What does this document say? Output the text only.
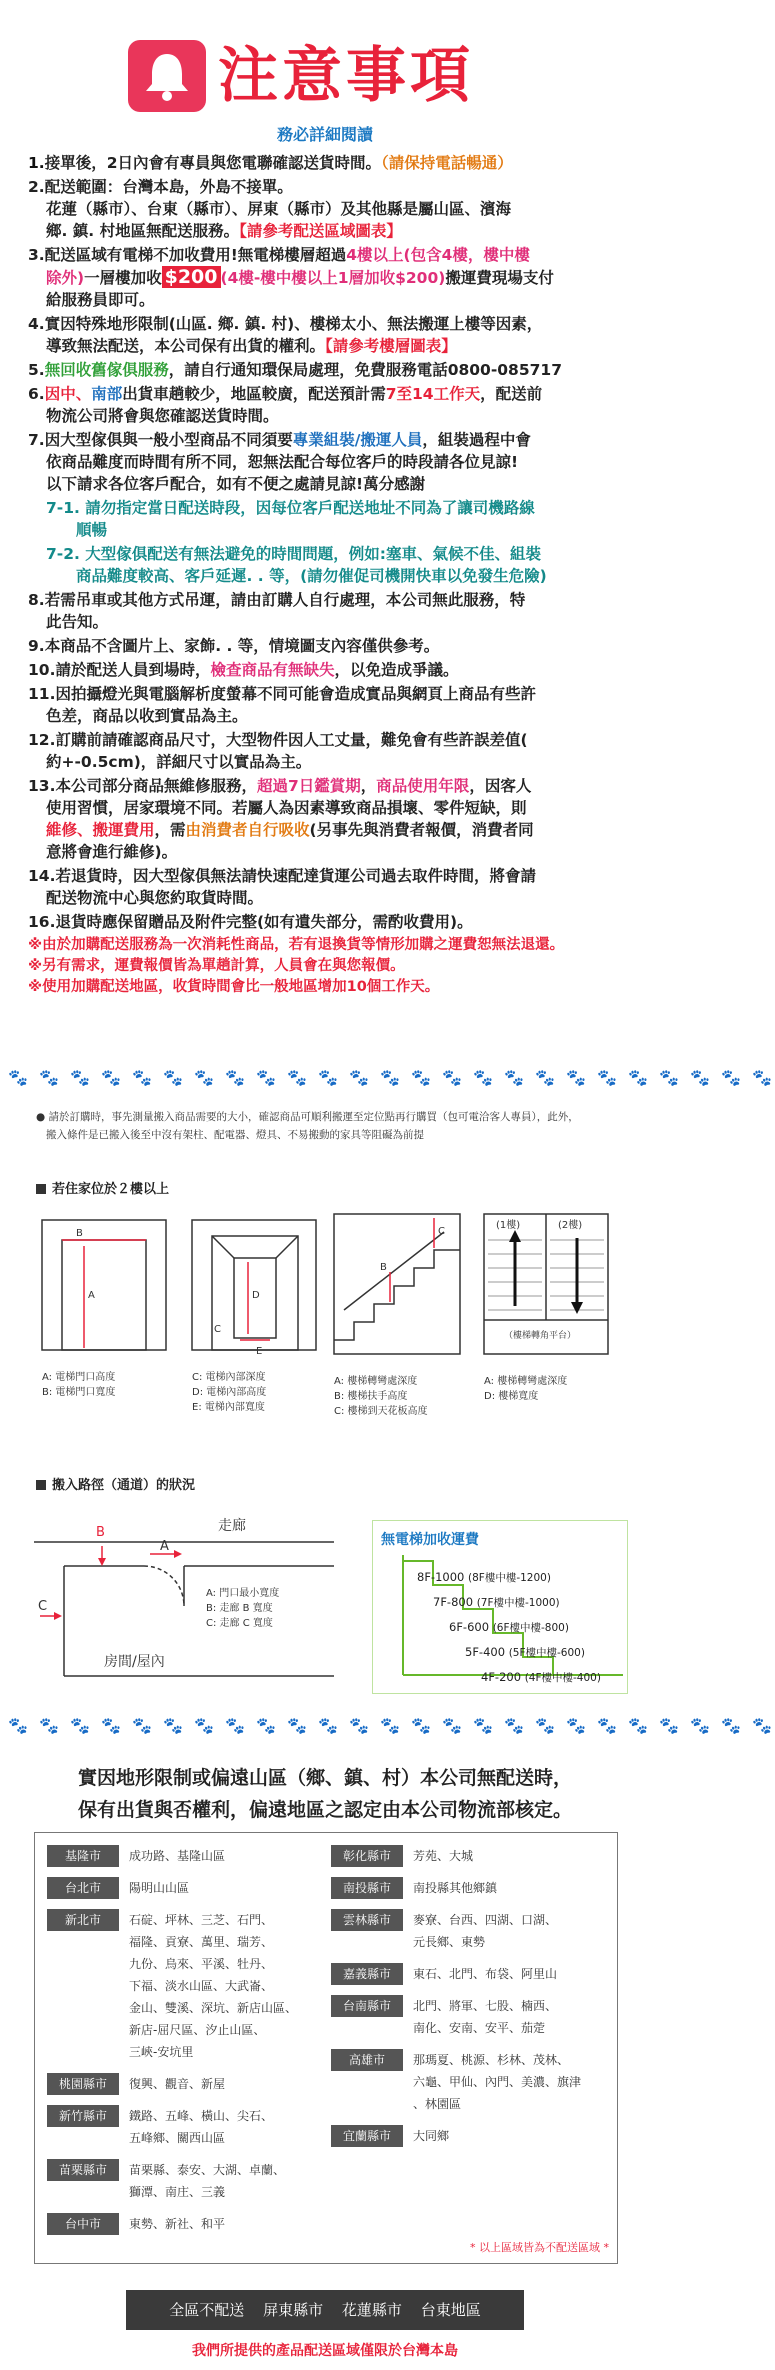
注意事項
務必詳細閱讀
1.接單後，2日內會有專員與您電聯確認送貨時間。（請保持電話暢通）
2.配送範圍：台灣本島，外島不接單。
花蓮（縣市）、台東（縣市）、屏東（縣市）及其他縣是屬山區、濱海
鄉. 鎮. 村地區無配送服務。【請參考配送區域圖表】
3.配送區域有電梯不加收費用!無電梯樓層超過4樓以上(包含4樓，樓中樓
除外)一層樓加收 $200 (4樓-樓中樓以上1層加收$200)搬運費現場支付
給服務員即可。
4.實因特殊地形限制(山區. 鄉. 鎮. 村)、樓梯太小、無法搬運上樓等因素，
導致無法配送，本公司保有出貨的權利。【請參考樓層圖表】
5.無回收舊傢俱服務，請自行通知環保局處理，免費服務電話0800-085717
6.因中、南部出貨車趟較少，地區較廣，配送預計需7至14工作天，配送前
物流公司將會與您確認送貨時間。
7.因大型傢俱與一般小型商品不同須要專業組裝/搬運人員，組裝過程中會
依商品難度而時間有所不同，恕無法配合每位客戶的時段請各位見諒!
以下請求各位客戶配合，如有不便之處請見諒!萬分感謝
7-1. 請勿指定當日配送時段，因每位客戶配送地址不同為了讓司機路線
順暢
7-2. 大型傢俱配送有無法避免的時間問題，例如:塞車、氣候不佳、組裝
商品難度較高、客戶延遲. . 等，(請勿催促司機開快車以免發生危險)
8.若需吊車或其他方式吊運，請由訂購人自行處理，本公司無此服務，特
此告知。
9.本商品不含圖片上、家飾. . 等，情境圖支內容僅供參考。
10.請於配送人員到場時，檢查商品有無缺失，以免造成爭議。
11.因拍攝燈光與電腦解析度螢幕不同可能會造成實品與網頁上商品有些許
色差，商品以收到實品為主。
12.訂購前請確認商品尺寸，大型物件因人工丈量，難免會有些許誤差值(
約+-0.5cm)，詳細尺寸以實品為主。
13.本公司部分商品無維修服務，超過7日鑑賞期，商品使用年限，因客人
使用習慣，居家環境不同。若屬人為因素導致商品損壞、零件短缺，則
維修、搬運費用，需由消費者自行吸收(另事先與消費者報價，消費者同
意將會進行維修)。
14.若退貨時，因大型傢俱無法請快速配達貨運公司過去取件時間，將會請
配送物流中心與您約取貨時間。
16.退貨時應保留贈品及附件完整(如有遺失部分，需酌收費用)。
※由於加購配送服務為一次消耗性商品，若有退換貨等情形加購之運費恕無法退還。
※另有需求，運費報價皆為單趟計算，人員會在與您報價。
※使用加購配送地區，收貨時間會比一般地區增加10個工作天。
🐾 🐾 🐾 🐾 🐾 🐾 🐾 🐾 🐾 🐾 🐾 🐾 🐾 🐾 🐾 🐾 🐾 🐾 🐾 🐾 🐾 🐾 🐾 🐾 🐾
● 請於訂購時，事先測量搬入商品需要的大小，確認商品可順利搬運至定位點再行購買（包可電洽客人專員），此外，
搬入條件是已搬入後至中沒有架柱、配電器、燈具、不易搬動的家具等阻礙為前提
若住家位於２樓以上
B
A
C
D
E
B
C
(1樓)	(2樓)
（樓梯轉角平台）
A: 電梯門口高度
B: 電梯門口寬度
C: 電梯內部深度
D: 電梯內部高度
E: 電梯內部寬度
A: 樓梯轉彎處深度
B: 樓梯扶手高度
C: 樓梯到天花板高度
A: 樓梯轉彎處深度
D: 樓梯寬度
搬入路徑（通道）的狀況
B
A
C
走廊
房間/屋內
A: 門口最小寬度
B: 走廊 B 寬度
C: 走廊 C 寬度
無電梯加收運費
8F-1000 (8F樓中樓-1200)
7F-800 (7F樓中樓-1000)
6F-600 (6F樓中樓-800)
5F-400 (5F樓中樓-600)
4F-200 (4F樓中樓-400)
🐾 🐾 🐾 🐾 🐾 🐾 🐾 🐾 🐾 🐾 🐾 🐾 🐾 🐾 🐾 🐾 🐾 🐾 🐾 🐾 🐾 🐾 🐾 🐾 🐾
實因地形限制或偏遠山區（鄉、鎮、村）本公司無配送時，
保有出貨與否權利，偏遠地區之認定由本公司物流部核定。
基隆市 成功路、基隆山區
台北市 陽明山山區
新北市 石碇、坪林、三芝、石門、
福隆、貢寮、萬里、瑞芳、
九份、烏來、平溪、牡丹、
下福、淡水山區、大武崙、
金山、雙溪、深坑、新店山區、
新店-屈尺區、汐止山區、
三峽-安坑里
桃園縣市 復興、觀音、新屋
新竹縣市 鐵路、五峰、橫山、尖石、
五峰鄉、關西山區
苗栗縣市 苗栗縣、泰安、大湖、卓蘭、
獅潭、南庄、三義
台中市 東勢、新社、和平
彰化縣市 芳苑、大城
南投縣市 南投縣其他鄉鎮
雲林縣市 麥寮、台西、四湖、口湖、
元長鄉、東勢
嘉義縣市 東石、北門、布袋、阿里山
台南縣市 北門、將軍、七股、楠西、
南化、安南、安平、茄萣
高雄市 那瑪夏、桃源、杉林、茂林、
六龜、甲仙、內門、美濃、旗津
、林園區
宜蘭縣市 大同鄉
* 以上區域皆為不配送區域 *
全區不配送 屏東縣市 花蓮縣市 台東地區
我們所提供的產品配送區域僅限於台灣本島
